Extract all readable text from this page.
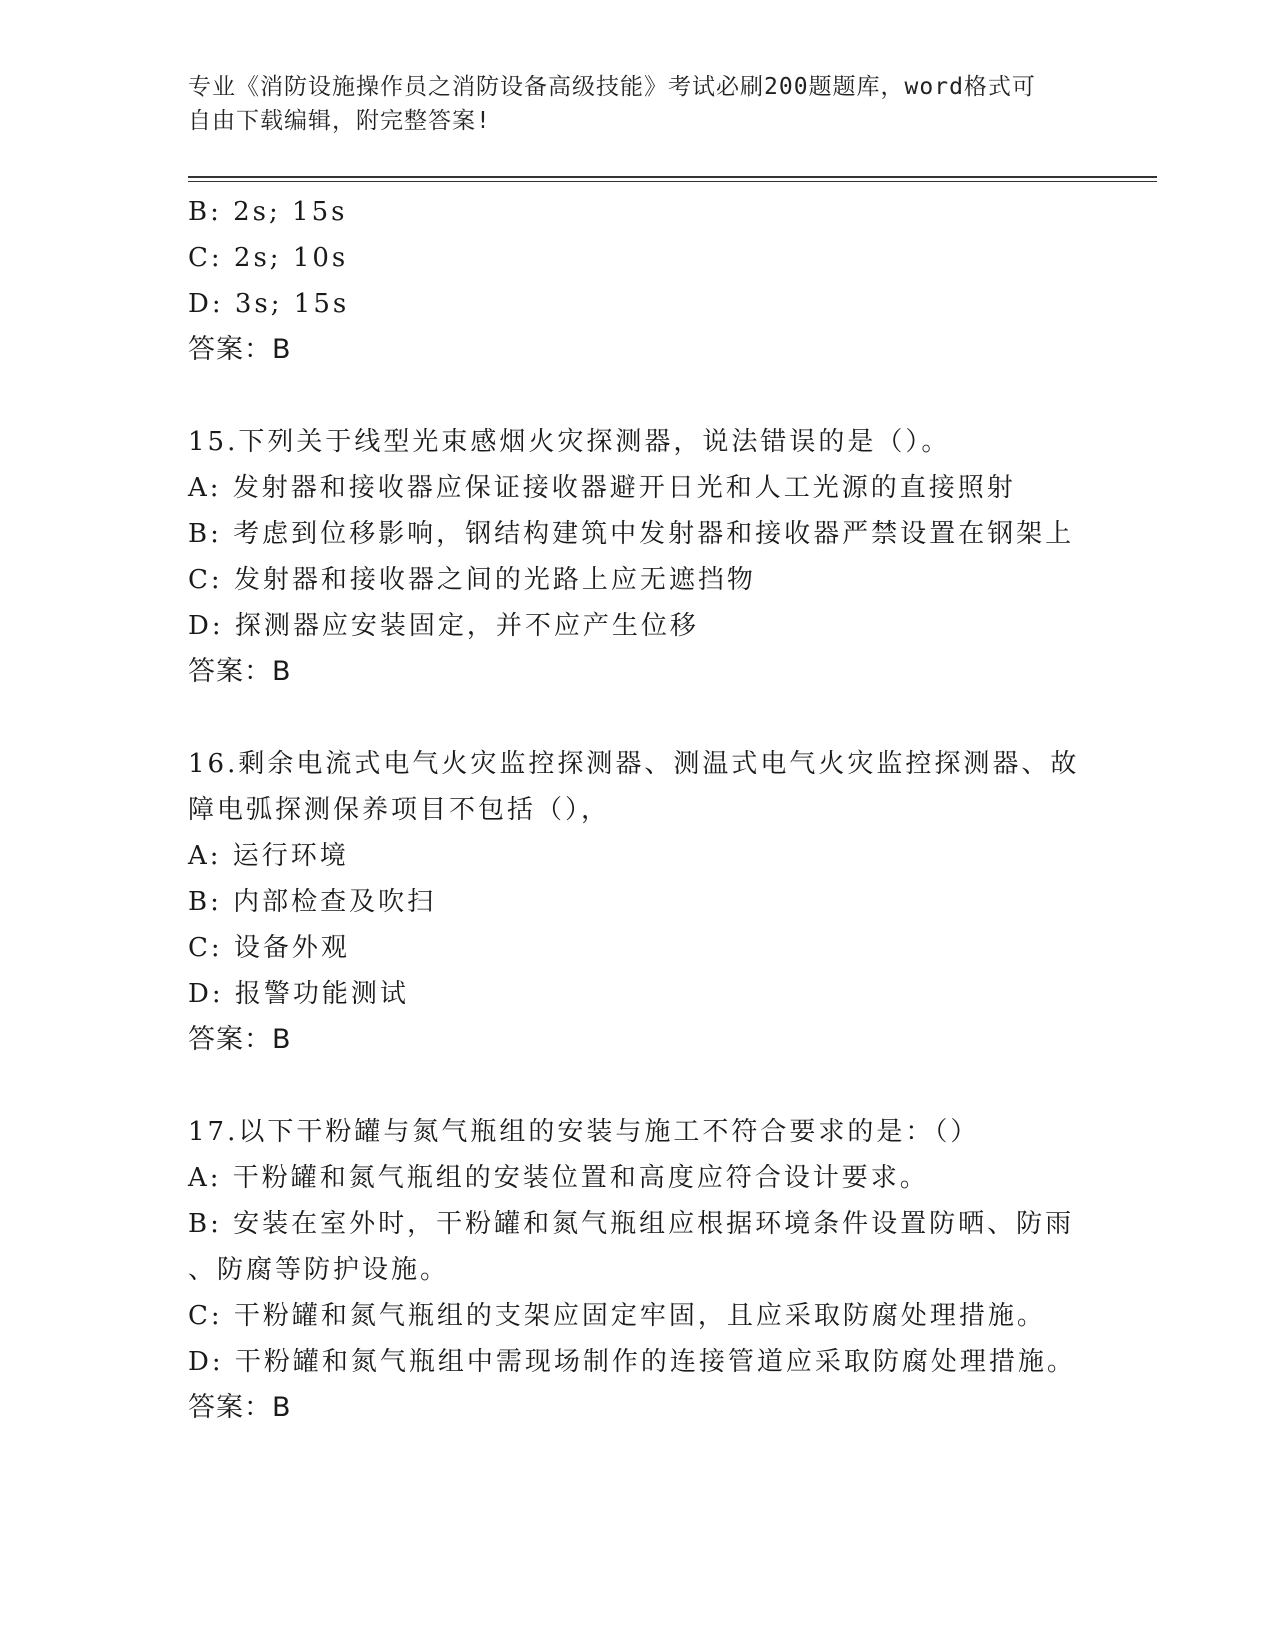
专业《消防设施操作员之消防设备高级技能》考试必刷200题题库，word格式可
自由下载编辑，附完整答案!
B: 2s; 15s
C: 2s; 10s
D: 3s; 15s
答案：B
15.下列关于线型光束感烟火灾探测器，说法错误的是（）。
A: 发射器和接收器应保证接收器避开日光和人工光源的直接照射
B: 考虑到位移影响，钢结构建筑中发射器和接收器严禁设置在钢架上
C: 发射器和接收器之间的光路上应无遮挡物
D: 探测器应安装固定，并不应产生位移
答案：B
16.剩余电流式电气火灾监控探测器、测温式电气火灾监控探测器、故
障电弧探测保养项目不包括（），
A: 运行环境
B: 内部检查及吹扫
C: 设备外观
D: 报警功能测试
答案：B
17.以下干粉罐与氮气瓶组的安装与施工不符合要求的是：（）
A: 干粉罐和氮气瓶组的安装位置和高度应符合设计要求。
B: 安装在室外时，干粉罐和氮气瓶组应根据环境条件设置防晒、防雨
、防腐等防护设施。
C: 干粉罐和氮气瓶组的支架应固定牢固，且应采取防腐处理措施。
D: 干粉罐和氮气瓶组中需现场制作的连接管道应采取防腐处理措施。
答案：B
